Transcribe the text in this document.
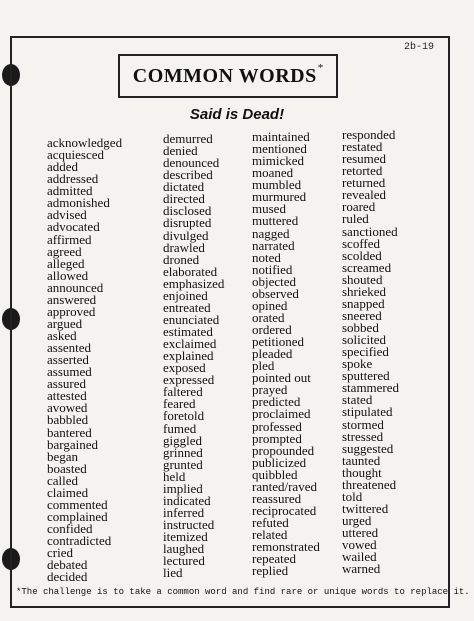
2b-19
COMMON WORDS *
Said is Dead!
acknowledged
acquiesced
added
addressed
admitted
admonished
advised
advocated
affirmed
agreed
alleged
allowed
announced
answered
approved
argued
asked
assented
asserted
assumed
assured
attested
avowed
babbled
bantered
bargained
began
boasted
called
claimed
commented
complained
confided
contradicted
cried
debated
decided
demurred
denied
denounced
described
dictated
directed
disclosed
disrupted
divulged
drawled
droned
elaborated
emphasized
enjoined
entreated
enunciated
estimated
exclaimed
explained
exposed
expressed
faltered
feared
foretold
fumed
giggled
grinned
grunted
held
implied
indicated
inferred
instructed
itemized
laughed
lectured
lied
maintained
mentioned
mimicked
moaned
mumbled
murmured
mused
muttered
nagged
narrated
noted
notified
objected
observed
opined
orated
ordered
petitioned
pleaded
pled
pointed out
prayed
predicted
proclaimed
professed
prompted
propounded
publicized
quibbled
ranted/raved
reassured
reciprocated
refuted
related
remonstrated
repeated
replied
responded
restated
resumed
retorted
returned
revealed
roared
ruled
sanctioned
scoffed
scolded
screamed
shouted
shrieked
snapped
sneered
sobbed
solicited
specified
spoke
sputtered
stammered
stated
stipulated
stormed
stressed
suggested
taunted
thought
threatened
told
twittered
urged
uttered
vowed
wailed
warned
*The challenge is to take a common word and find rare or unique words to replace it.
